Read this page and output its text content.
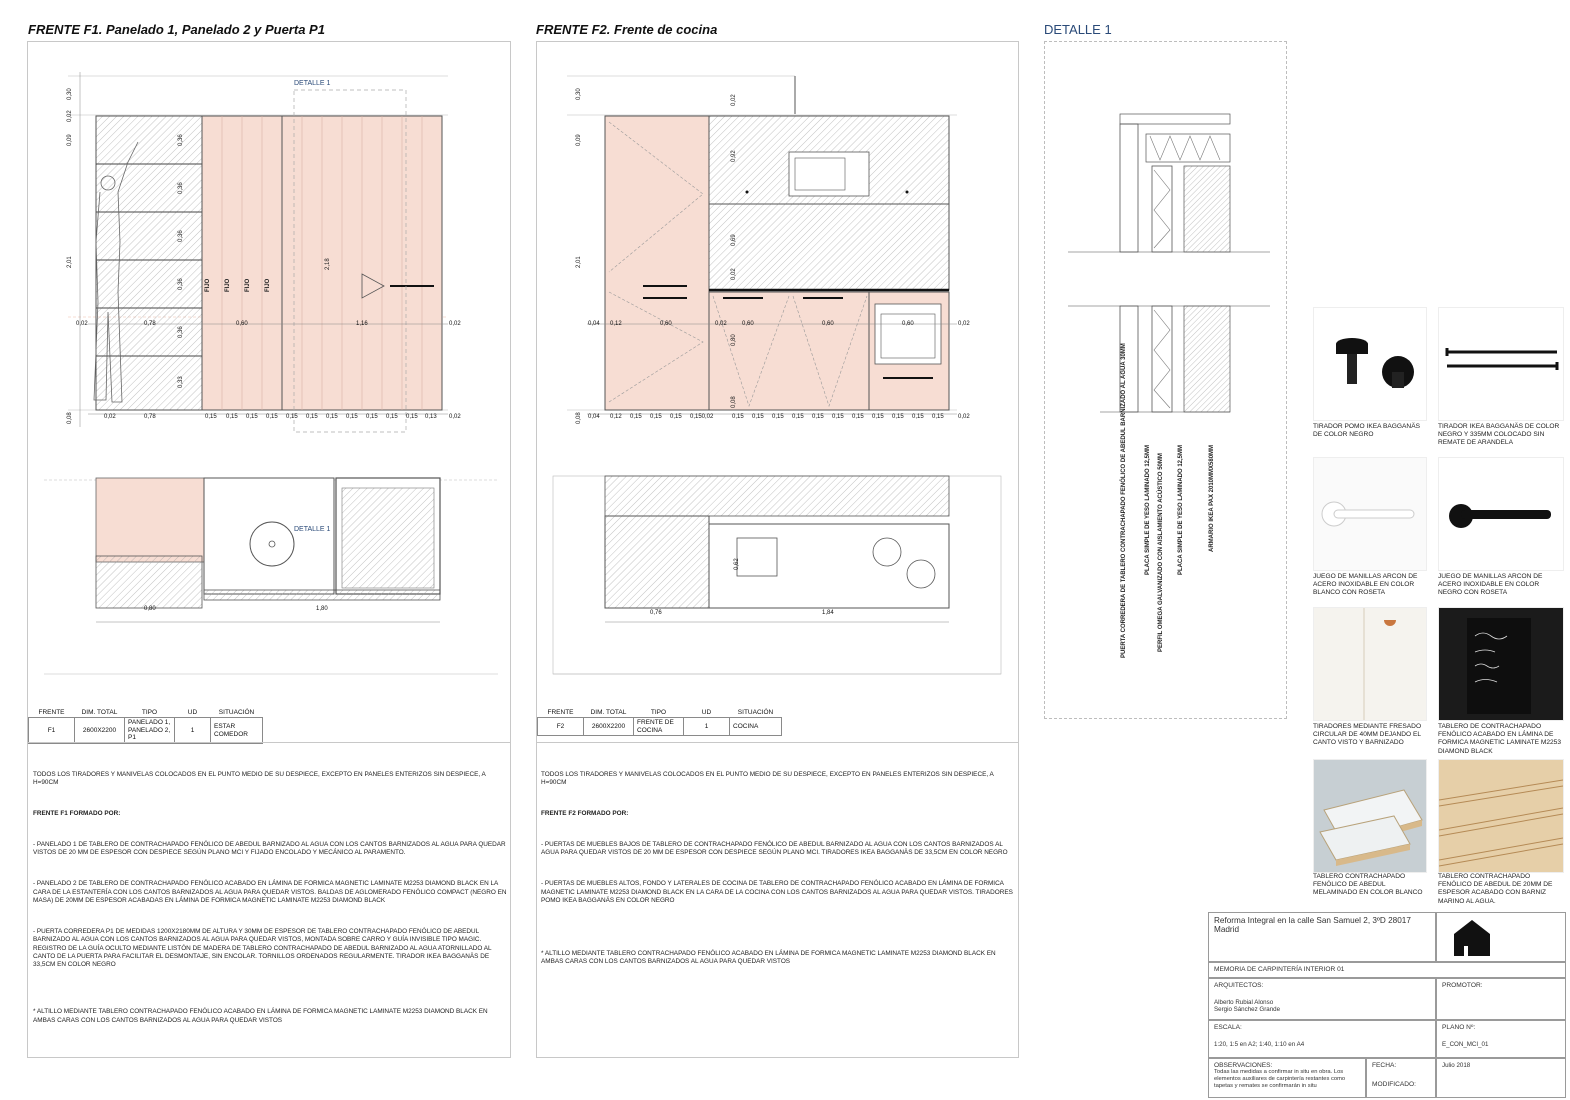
FRENTE F1. Panelado 1, Panelado 2 y Puerta P1
DETALLE 1
DETALLE 1
FIJO FIJO FIJO FIJO
0,02	0,78	0,60	1,16	0,02
0,02	0,78	0,15 0,15 0,15 0,15 0,15 0,15 0,15 0,15 0,15 0,15 0,15 0,13 0,02
0,80	1,80
0,30
0,02
0,09
2,01
0,08
2,18
0,36
0,36
0,36
0,36
0,36
0,33
FRENTE	DIM. TOTAL	TIPO	UD	SITUACIÓN
F1	2600X2200	PANELADO 1, PANELADO 2, P1	1	ESTAR COMEDOR

TODOS LOS TIRADORES Y MANIVELAS COLOCADOS EN EL PUNTO MEDIO DE SU DESPIECE, EXCEPTO EN PANELES ENTERIZOS SIN DESPIECE, A H=90CM

FRENTE F1 FORMADO POR:

- PANELADO 1 DE TABLERO DE CONTRACHAPADO FENÓLICO DE ABEDUL BARNIZADO AL AGUA CON LOS CANTOS BARNIZADOS AL AGUA PARA QUEDAR VISTOS DE 20 MM DE ESPESOR CON DESPIECE SEGÚN PLANO MCI Y FIJADO ENCOLADO Y MECÁNICO AL PARAMENTO.

- PANELADO 2 DE TABLERO DE CONTRACHAPADO FENÓLICO ACABADO EN LÁMINA DE FORMICA MAGNETIC LAMINATE M2253 DIAMOND BLACK EN LA CARA DE LA ESTANTERÍA CON LOS CANTOS BARNIZADOS AL AGUA PARA QUEDAR VISTOS. BALDAS DE AGLOMERADO FENÓLICO COMPACT (NEGRO EN MASA) DE 20MM DE ESPESOR ACABADAS EN LÁMINA DE FORMICA MAGNETIC LAMINATE M2253 DIAMOND BLACK

- PUERTA CORREDERA P1 DE MEDIDAS 1200X2180MM DE ALTURA Y 30MM DE ESPESOR DE TABLERO CONTRACHAPADO FENÓLICO DE ABEDUL BARNIZADO AL AGUA CON LOS CANTOS BARNIZADOS AL AGUA PARA QUEDAR VISTOS, MONTADA SOBRE CARRO Y GUÍA INVISIBLE TIPO MAGIC. REGISTRO DE LA GUÍA OCULTO MEDIANTE LISTÓN DE MADERA DE TABLERO CONTRACHAPADO DE ABEDUL BARNIZADO AL AGUA ATORNILLADO AL CANTO DE LA PUERTA PARA FACILITAR EL DESMONTAJE, SIN ENCOLAR. TORNILLOS ORDENADOS REGULARMENTE. TIRADOR IKEA BAGGANÄS DE 33,5CM EN COLOR NEGRO

* ALTILLO MEDIANTE TABLERO CONTRACHAPADO FENÓLICO ACABADO EN LÁMINA DE FORMICA MAGNETIC LAMINATE M2253 DIAMOND BLACK EN AMBAS CARAS CON LOS CANTOS BARNIZADOS AL AGUA PARA QUEDAR VISTOS

FRENTE F2. Frente de cocina
0,04 0,12	0,60	0,02	0,60	0,60	0,60	0,02
0,04 0,12 0,15 0,15 0,15 0,150,02	0,15 0,15 0,15 0,15 0,15 0,15 0,15 0,15 0,15 0,15 0,15 0,02
0,76	1,84
0,62
0,30
0,09
2,01
0,08
0,02
0,92
0,69
0,02
0,80
0,08
FRENTE	DIM. TOTAL	TIPO	UD	SITUACIÓN
F2	2600X2200	FRENTE DE COCINA	1	COCINA

TODOS LOS TIRADORES Y MANIVELAS COLOCADOS EN EL PUNTO MEDIO DE SU DESPIECE, EXCEPTO EN PANELES ENTERIZOS SIN DESPIECE, A H=90CM

FRENTE F2 FORMADO POR:

- PUERTAS DE MUEBLES BAJOS DE TABLERO DE CONTRACHAPADO FENÓLICO DE ABEDUL BARNIZADO AL AGUA CON LOS CANTOS BARNIZADOS AL AGUA PARA QUEDAR VISTOS DE 20 MM DE ESPESOR CON DESPIECE SEGÚN PLANO MCI. TIRADORES IKEA BAGGANÄS DE 33,5CM EN COLOR NEGRO

- PUERTAS DE MUEBLES ALTOS, FONDO Y LATERALES DE COCINA DE TABLERO DE CONTRACHAPADO FENÓLICO ACABADO EN LÁMINA DE FORMICA MAGNETIC LAMINATE M2253 DIAMOND BLACK EN LA CARA DE LA COCINA CON LOS CANTOS BARNIZADOS AL AGUA PARA QUEDAR VISTOS. TIRADORES POMO IKEA BAGGANÄS EN COLOR NEGRO

* ALTILLO MEDIANTE TABLERO CONTRACHAPADO FENÓLICO ACABADO EN LÁMINA DE FORMICA MAGNETIC LAMINATE M2253 DIAMOND BLACK EN AMBAS CARAS CON LOS CANTOS BARNIZADOS AL AGUA PARA QUEDAR VISTOS

DETALLE 1
PUERTA CORREDERA DE TABLERO CONTRACHAPADO FENÓLICO DE ABEDUL BARNIZADO AL AGUA 30MM	PLACA SIMPLE DE YESO LAMINADO 12,5MM PERFIL OMEGA GALVANIZADO CON AISLAMIENTO ACÚSTICO 50MM PLACA SIMPLE DE YESO LAMINADO 12,5MM	ARMARIO IKEA PAX 2010MMX580MM
TIRADOR POMO IKEA BAGGANÄS DE COLOR NEGRO
TIRADOR IKEA BAGGANÄS DE COLOR NEGRO Y 335MM COLOCADO SIN REMATE DE ARANDELA
JUEGO DE MANILLAS ARCON DE ACERO INOXIDABLE EN COLOR BLANCO CON ROSETA
JUEGO DE MANILLAS ARCON DE ACERO INOXIDABLE EN COLOR NEGRO CON ROSETA
TIRADORES MEDIANTE FRESADO CIRCULAR DE 40MM DEJANDO EL CANTO VISTO Y BARNIZADO
TABLERO DE CONTRACHAPADO FENÓLICO ACABADO EN LÁMINA DE FORMICA MAGNETIC LAMINATE M2253 DIAMOND BLACK
TABLERO CONTRACHAPADO FENÓLICO DE ABEDUL MELAMINADO EN COLOR BLANCO
TABLERO CONTRACHAPADO FENÓLICO DE ABEDUL DE 20MM DE ESPESOR ACABADO CON BARNIZ MARINO AL AGUA.
Reforma Integral en la calle San Samuel 2, 3ºD 28017 Madrid
MEMORIA DE CARPINTERÍA INTERIOR 01
ARQUITECTOS:
Alberto Rubial Alonso
Sergio Sánchez Grande
PROMOTOR:
ESCALA:
1:20, 1:5 en A2; 1:40, 1:10 en A4
PLANO Nº:
E_CON_MCI_01
OBSERVACIONES:
Todas las medidas a confirmar in situ en obra. Los elementos auxiliares de carpintería restantes como tapetas y remates se confirmarán in situ
FECHA:
MODIFICADO:
Julio 2018
